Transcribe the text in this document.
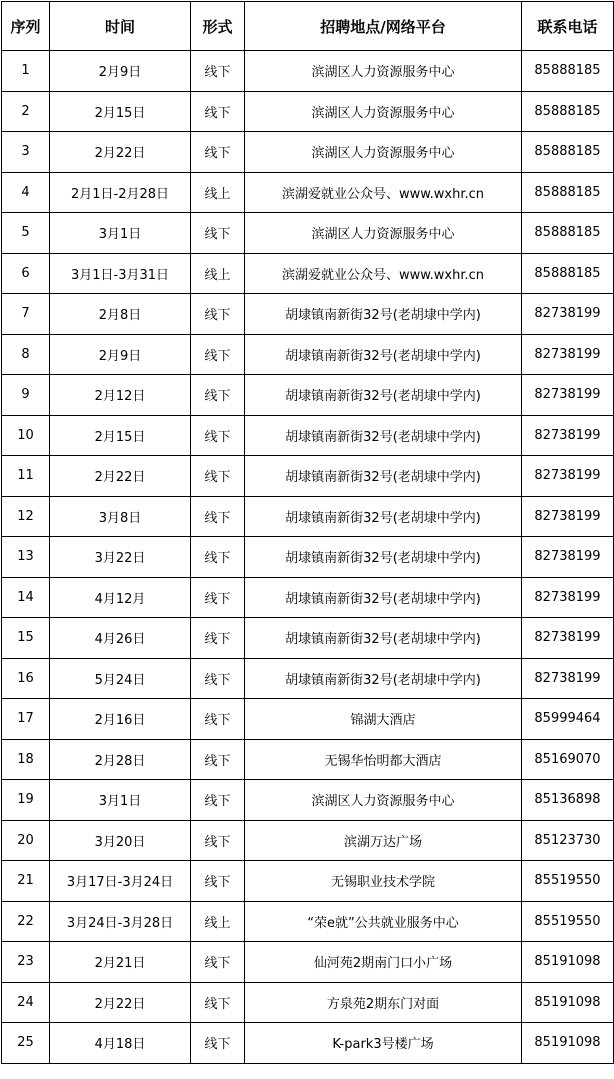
序列	时间	形式	招聘地点/网络平台	联系电话
1	2月9日	线下	滨湖区人力资源服务中心	85888185
2	2月15日	线下	滨湖区人力资源服务中心	85888185
3	2月22日	线下	滨湖区人力资源服务中心	85888185
4	2月1日-2月28日	线上	滨湖爱就业公众号、www.wxhr.cn	85888185
5	3月1日	线下	滨湖区人力资源服务中心	85888185
6	3月1日-3月31日	线上	滨湖爱就业公众号、www.wxhr.cn	85888185
7	2月8日	线下	胡埭镇南新街32号(老胡埭中学内)	82738199
8	2月9日	线下	胡埭镇南新街32号(老胡埭中学内)	82738199
9	2月12日	线下	胡埭镇南新街32号(老胡埭中学内)	82738199
10	2月15日	线下	胡埭镇南新街32号(老胡埭中学内)	82738199
11	2月22日	线下	胡埭镇南新街32号(老胡埭中学内)	82738199
12	3月8日	线下	胡埭镇南新街32号(老胡埭中学内)	82738199
13	3月22日	线下	胡埭镇南新街32号(老胡埭中学内)	82738199
14	4月12月	线下	胡埭镇南新街32号(老胡埭中学内)	82738199
15	4月26日	线下	胡埭镇南新街32号(老胡埭中学内)	82738199
16	5月24日	线下	胡埭镇南新街32号(老胡埭中学内)	82738199
17	2月16日	线下	锦湖大酒店	85999464
18	2月28日	线下	无锡华怡明都大酒店	85169070
19	3月1日	线下	滨湖区人力资源服务中心	85136898
20	3月20日	线下	滨湖万达广场	85123730
21	3月17日-3月24日	线下	无锡职业技术学院	85519550
22	3月24日-3月28日	线上	“荣e就”公共就业服务中心	85519550
23	2月21日	线下	仙河苑2期南门口小广场	85191098
24	2月22日	线下	方泉苑2期东门对面	85191098
25	4月18日	线下	K-park3号楼广场	85191098
